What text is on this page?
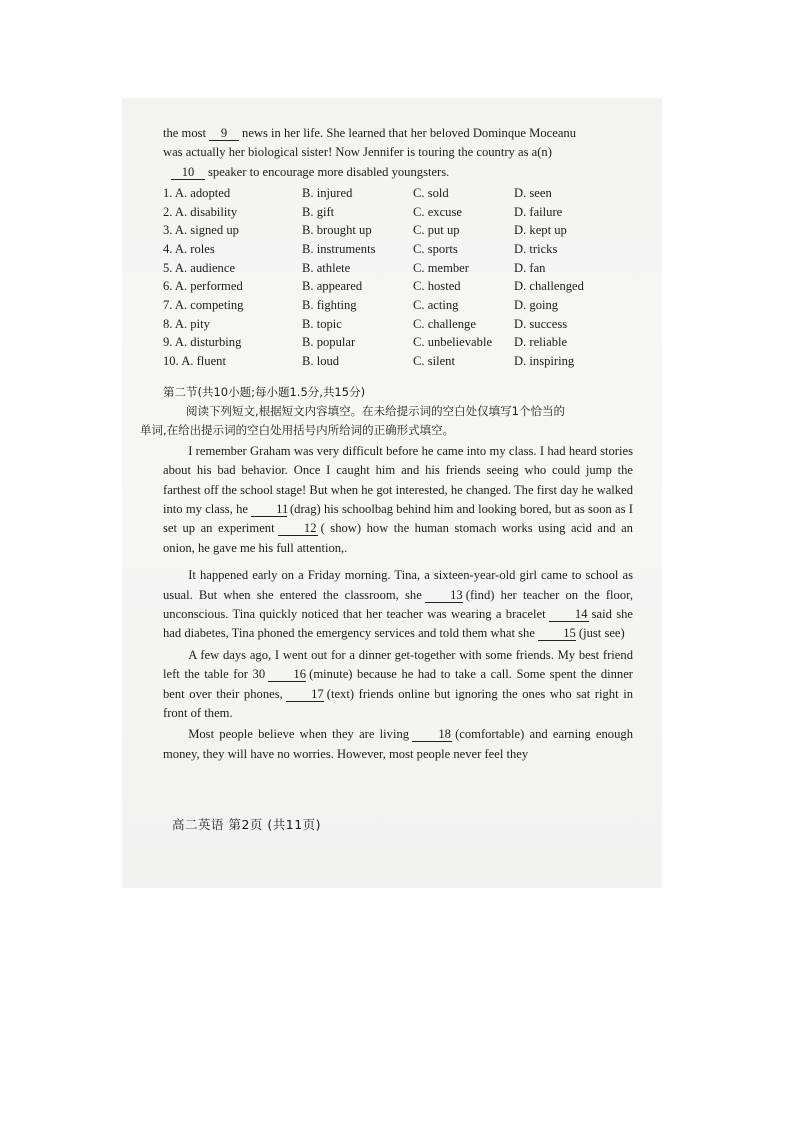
the most 9 news in her life. She learned that her beloved Dominque Moceanu
was actually her biological sister! Now Jennifer is touring the country as a(n)
10 speaker to encourage more disabled youngsters.
1. A. adopted	B. injured	C. sold	D. seen
2. A. disability	B. gift	C. excuse	D. failure
3. A. signed up	B. brought up	C. put up	D. kept up
4. A. roles	B. instruments	C. sports	D. tricks
5. A. audience	B. athlete	C. member	D. fan
6. A. performed	B. appeared	C. hosted	D. challenged
7. A. competing	B. fighting	C. acting	D. going
8. A. pity	B. topic	C. challenge	D. success
9. A. disturbing	B. popular	C. unbelievable D. reliable
10. A. fluent	B. loud	C. silent	D. inspiring
第二节(共10小题;每小题1.5分,共15分)
阅读下列短文,根据短文内容填空。在未给提示词的空白处仅填写1个恰当的
单词,在给出提示词的空白处用括号内所给词的正确形式填空。
I remember Graham was very difficult before he came into my class. I had heard stories about his bad behavior. Once I caught him and his friends seeing who could jump the farthest off the school stage! But when he got interested, he changed. The first day he walked into my class, he 11 (drag) his schoolbag behind him and looking bored, but as soon as I set up an experiment 12 ( show) how the human stomach works using acid and an onion, he gave me his full attention,.
It happened early on a Friday morning. Tina, a sixteen-year-old girl came to school as usual. But when she entered the classroom, she 13 (find) her teacher on the floor, unconscious. Tina quickly noticed that her teacher was wearing a bracelet 14 said she had diabetes, Tina phoned the emergency services and told them what she 15 (just see)
A few days ago, I went out for a dinner get-together with some friends. My best friend left the table for 30 16 (minute) because he had to take a call. Some spent the dinner bent over their phones, 17 (text) friends online but ignoring the ones who sat right in front of them.
Most people believe when they are living 18 (comfortable) and earning enough money, they will have no worries. However, most people never feel they
高二英语 第2页 (共11页)
